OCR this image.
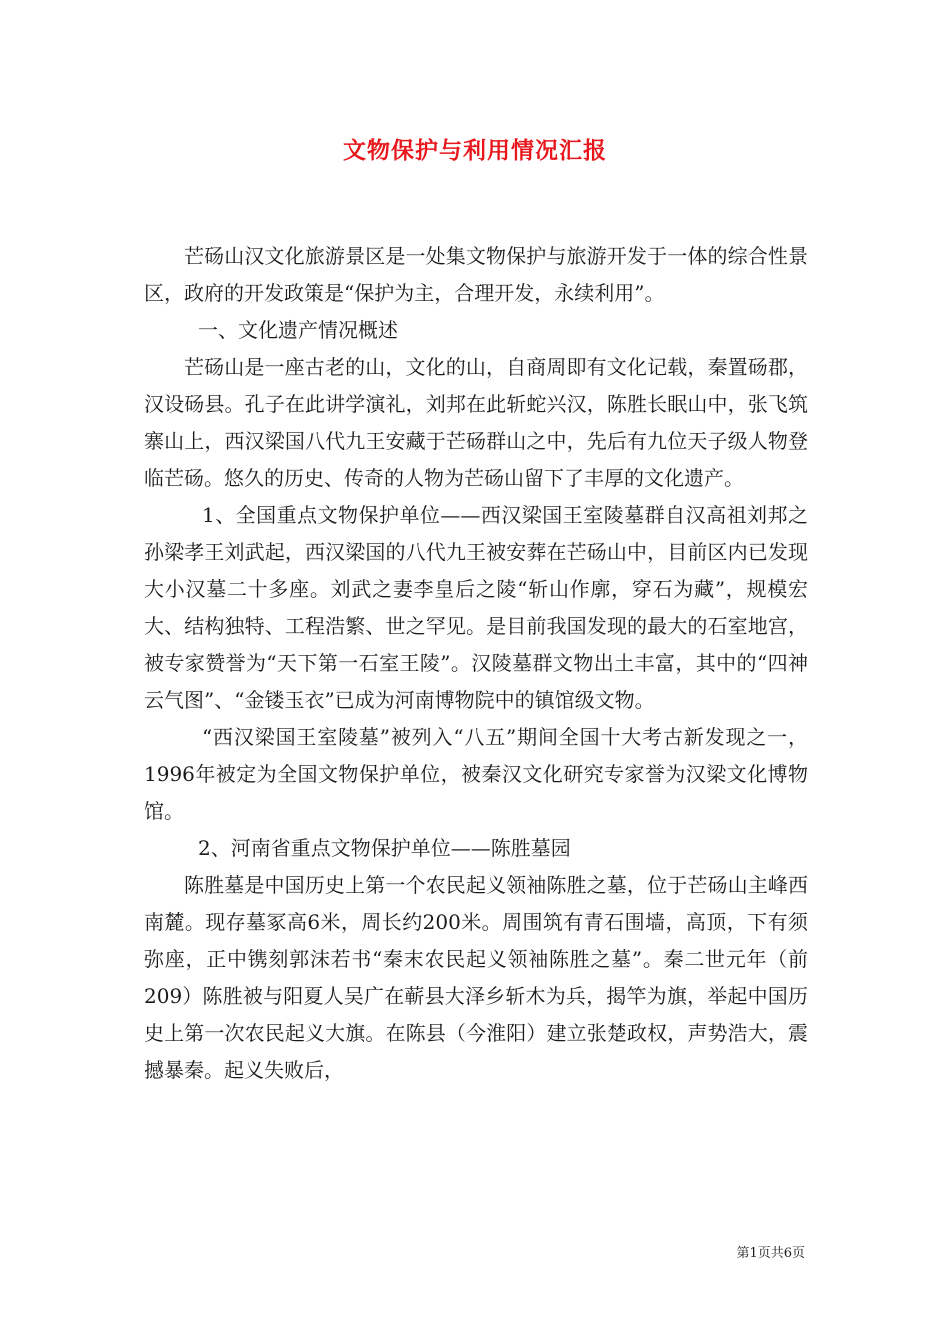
文物保护与利用情况汇报

芒砀山汉文化旅游景区是一处集文物保护与旅游开发于一体的综合性景区，政府的开发政策是“保护为主，合理开发，永续利用”。

一、文化遗产情况概述

芒砀山是一座古老的山，文化的山，自商周即有文化记载，秦置砀郡，汉设砀县。孔子在此讲学演礼，刘邦在此斩蛇兴汉，陈胜长眠山中，张飞筑寨山上，西汉梁国八代九王安藏于芒砀群山之中，先后有九位天子级人物登临芒砀。悠久的历史、传奇的人物为芒砀山留下了丰厚的文化遗产。

1、全国重点文物保护单位——西汉梁国王室陵墓群自汉高祖刘邦之孙梁孝王刘武起，西汉梁国的八代九王被安葬在芒砀山中，目前区内已发现大小汉墓二十多座。刘武之妻李皇后之陵“斩山作廓，穿石为藏”，规模宏大、结构独特、工程浩繁、世之罕见。是目前我国发现的最大的石室地宫，被专家赞誉为“天下第一石室王陵”。汉陵墓群文物出土丰富，其中的“四神云气图”、“金镂玉衣”已成为河南博物院中的镇馆级文物。

“西汉梁国王室陵墓”被列入“八五”期间全国十大考古新发现之一，1996年被定为全国文物保护单位，被秦汉文化研究专家誉为汉梁文化博物馆。

2、河南省重点文物保护单位——陈胜墓园

陈胜墓是中国历史上第一个农民起义领袖陈胜之墓，位于芒砀山主峰西南麓。现存墓冢高6米，周长约200米。周围筑有青石围墙，高顶，下有须弥座，正中镌刻郭沫若书“秦末农民起义领袖陈胜之墓”。秦二世元年（前209）陈胜被与阳夏人吴广在蕲县大泽乡斩木为兵，揭竿为旗，举起中国历史上第一次农民起义大旗。在陈县（今淮阳）建立张楚政权，声势浩大，震撼暴秦。起义失败后，

第1页共6页
